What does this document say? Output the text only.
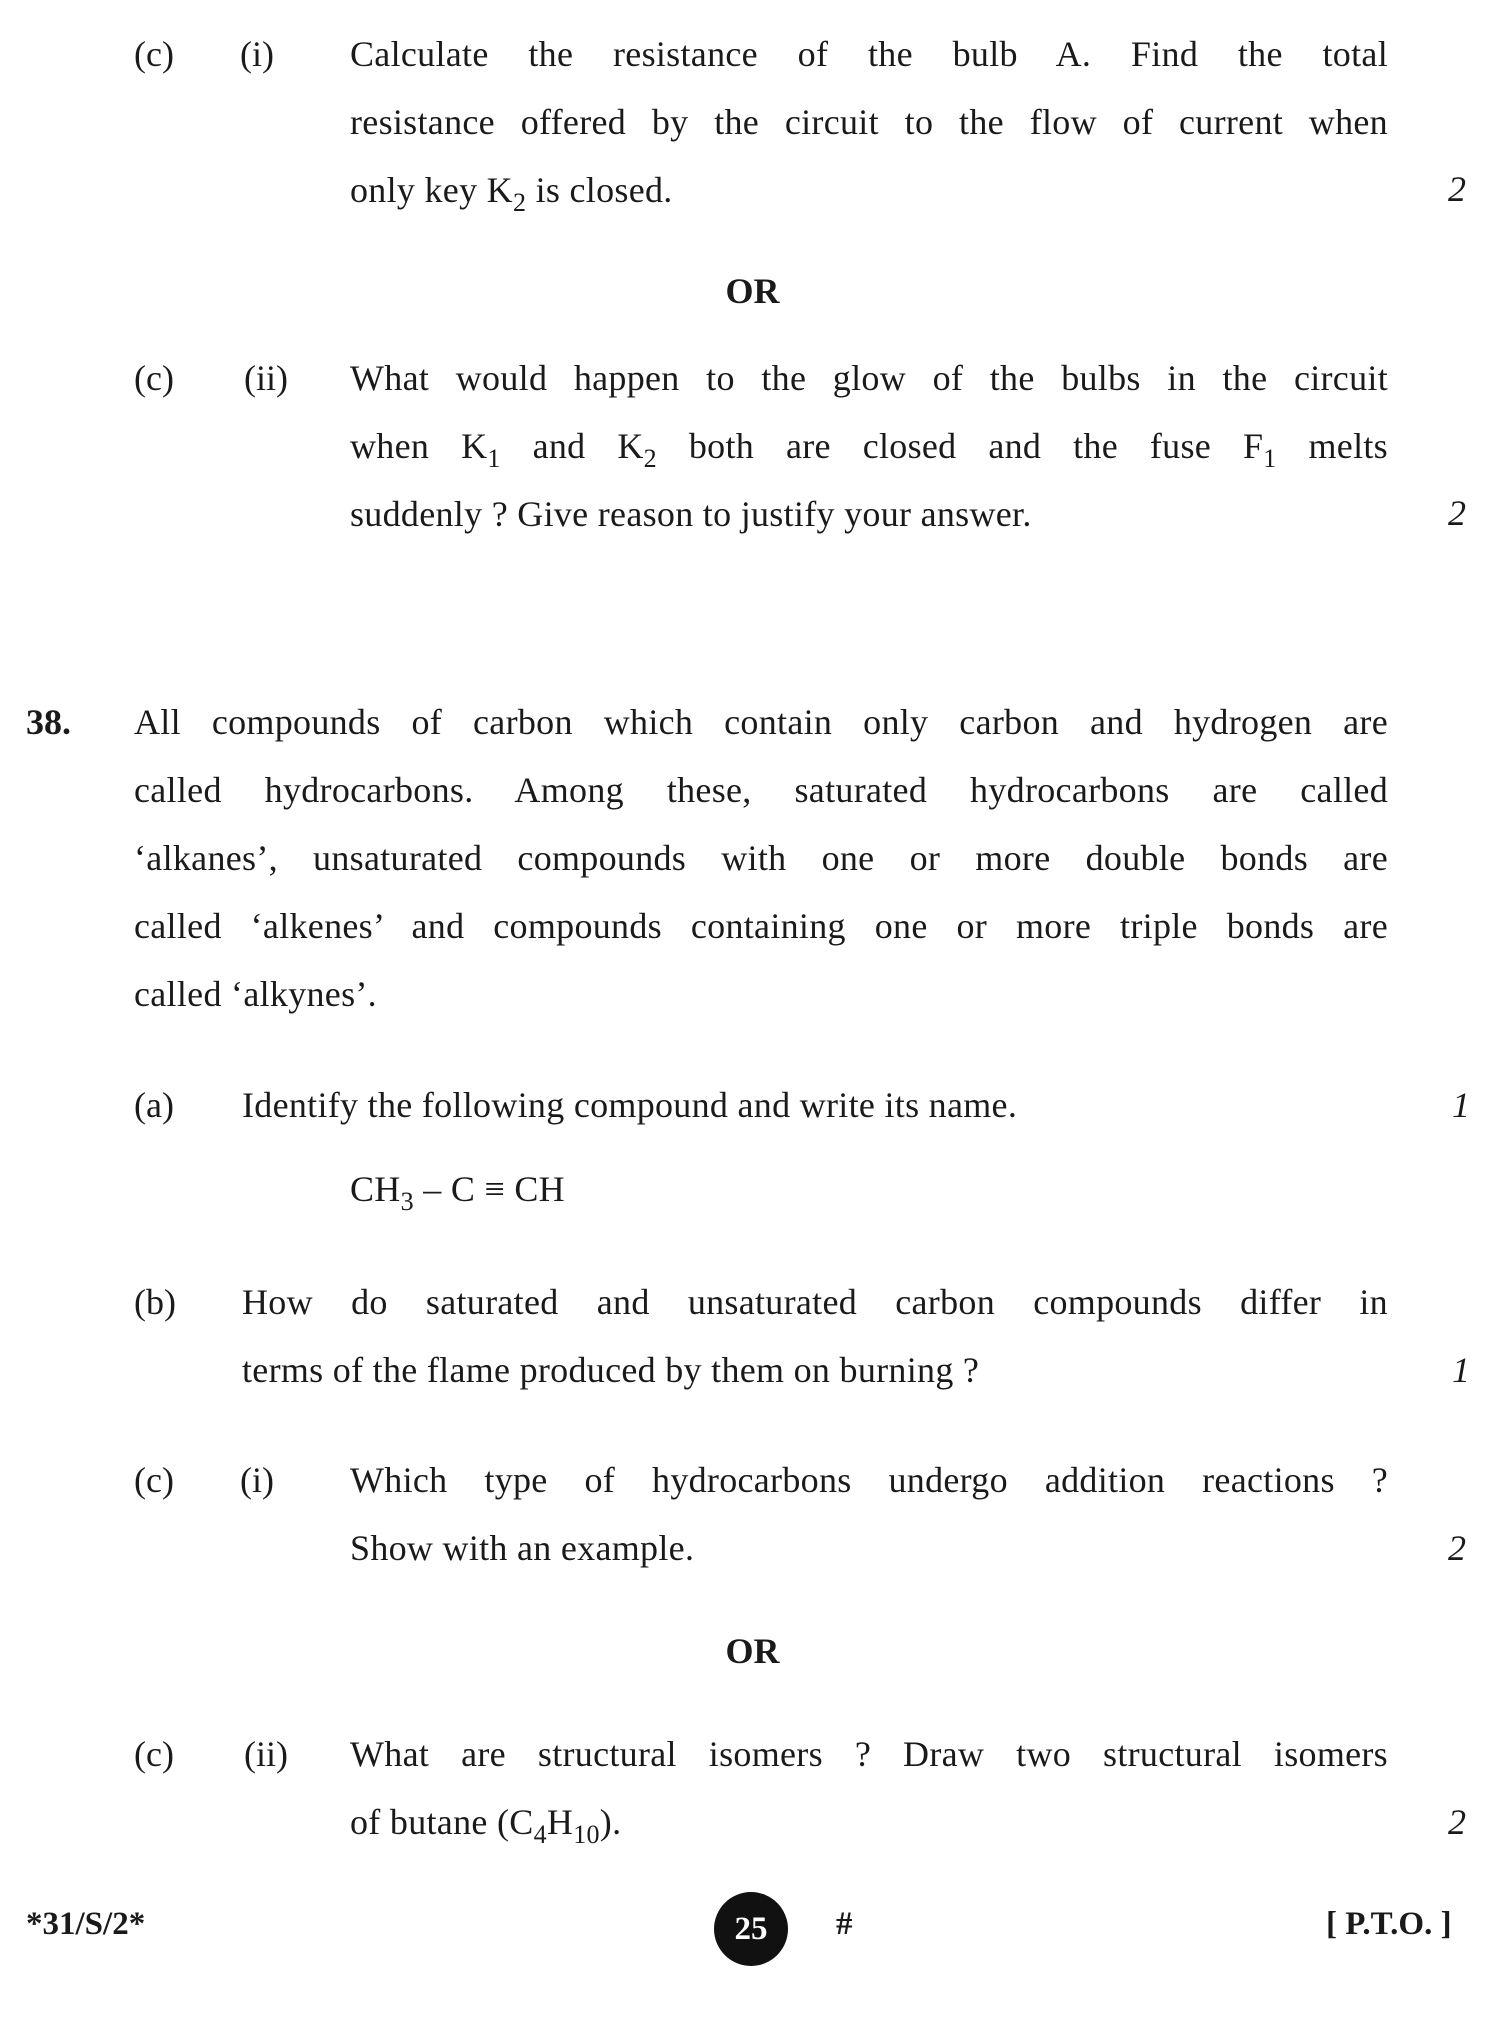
(c) (i) Calculate the resistance of the bulb A. Find the total
resistance offered by the circuit to the flow of current when
only key $K_2$ is closed.	2
OR
(c) (ii) What would happen to the glow of the bulbs in the circuit
when $K_1$ and $K_2$ both are closed and the fuse $F_1$ melts
suddenly ? Give reason to justify your answer.	2
38. All compounds of carbon which contain only carbon and hydrogen are
called hydrocarbons. Among these, saturated hydrocarbons are called
‘alkanes’, unsaturated compounds with one or more double bonds are
called ‘alkenes’ and compounds containing one or more triple bonds are
called ‘alkynes’.
(a) Identify the following compound and write its name.	1
$CH_3$ – C ≡ CH
(b) How do saturated and unsaturated carbon compounds differ in
terms of the flame produced by them on burning ?	1
(c) (i) Which type of hydrocarbons undergo addition reactions ?
Show with an example.	2
OR
(c) (ii) What are structural isomers ? Draw two structural isomers
of butane $(C_4H_{10})$.	2
*31/S/2*	25	#	[ P.T.O. ]
